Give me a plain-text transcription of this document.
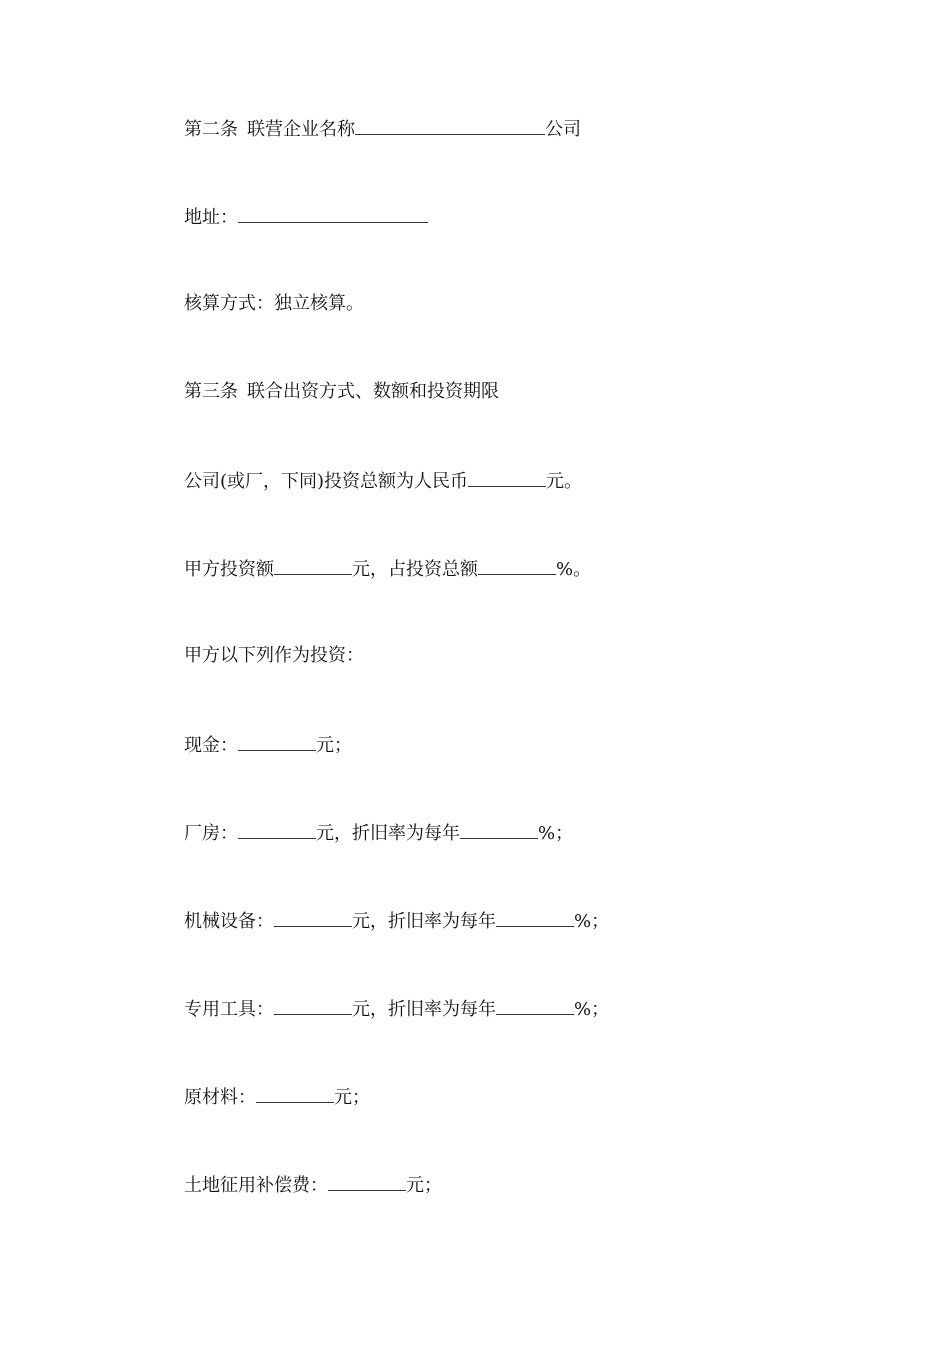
第二条 联营企业名称	公司
地址：
核算方式：独立核算。
第三条 联合出资方式、数额和投资期限
公司(或厂，下同)投资总额为人民币	元。
甲方投资额	元，占投资总额	%。
甲方以下列作为投资：
现金：	元；
厂房：	元，折旧率为每年	%；
机械设备：	元，折旧率为每年	%；
专用工具：	元，折旧率为每年	%；
原材料：	元；
土地征用补偿费：	元；
